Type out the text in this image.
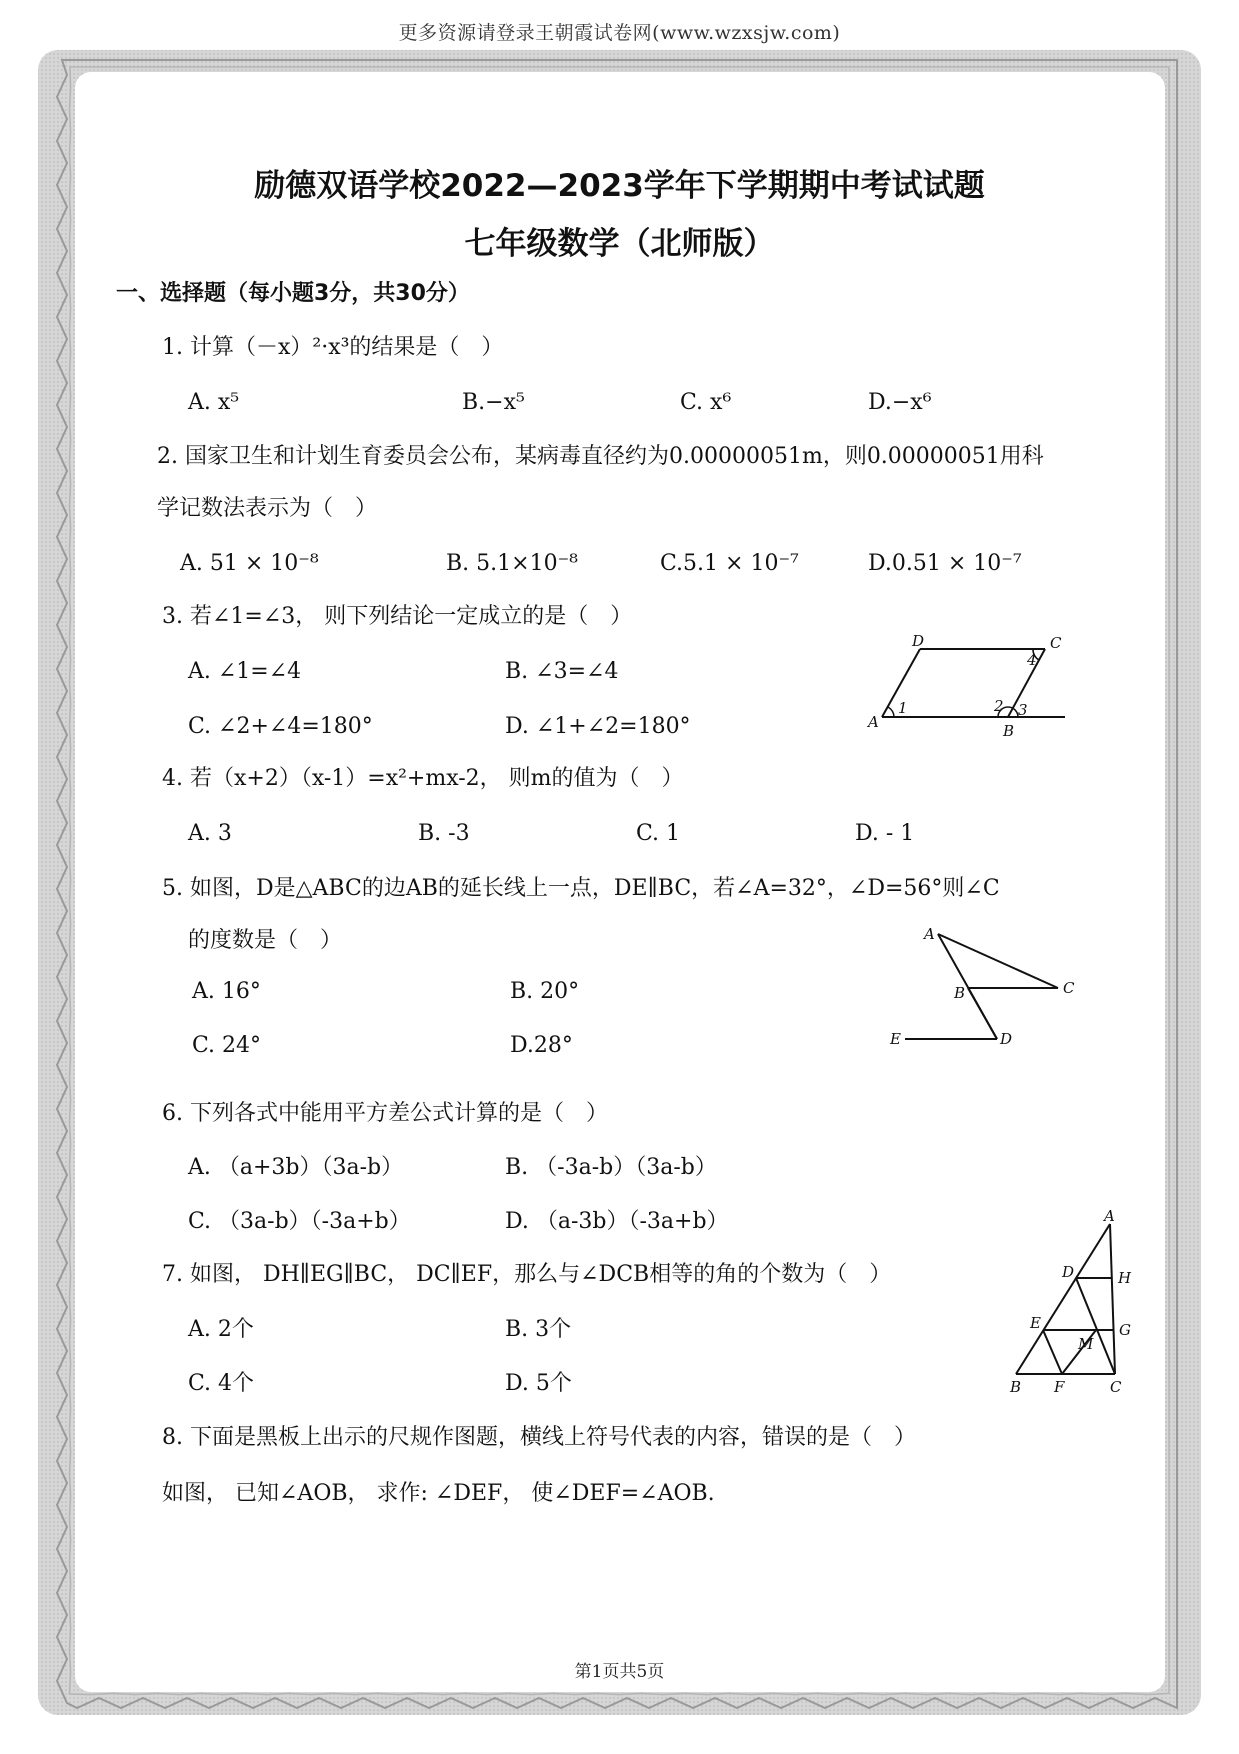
更多资源请登录王朝霞试卷网(www.wzxsjw.com)
励德双语学校2022—2023学年下学期期中考试试题
七年级数学（北师版）
一、选择题（每小题3分，共30分）
1. 计算（－x）²·x³的结果是（　）
A. x⁵	B.−x⁵	C. x⁶	D.−x⁶
2. 国家卫生和计划生育委员会公布，某病毒直径约为0.00000051m，则0.00000051用科
学记数法表示为（　）
A. 51 × 10⁻⁸	B. 5.1×10⁻⁸	C.5.1 × 10⁻⁷	D.0.51 × 10⁻⁷
3. 若∠1=∠3， 则下列结论一定成立的是（　）
A. ∠1=∠4	B. ∠3=∠4
C. ∠2+∠4=180°	D. ∠1+∠2=180°
D	C
A	B
1	2 3
4
4. 若（x+2）（x-1）=x²+mx-2， 则m的值为（　）
A. 3	B. -3	C. 1	D. - 1
5. 如图，D是△ABC的边AB的延长线上一点，DE∥BC，若∠A=32°，∠D=56°则∠C
的度数是（　）
A. 16°	B. 20°
C. 24°	D.28°
A
B	C
E	D
6. 下列各式中能用平方差公式计算的是（　）
A. （a+3b）（3a-b）	B. （-3a-b）（3a-b）
C. （3a-b）（-3a+b）	D. （a-3b）（-3a+b）
7. 如图， DH∥EG∥BC， DC∥EF，那么与∠DCB相等的角的个数为（　）
A. 2个	B. 3个
C. 4个	D. 5个
A
D	H
E	G
M
B F	C
8. 下面是黑板上出示的尺规作图题，横线上符号代表的内容，错误的是（　）
如图， 已知∠AOB， 求作: ∠DEF， 使∠DEF=∠AOB.
第1页共5页
